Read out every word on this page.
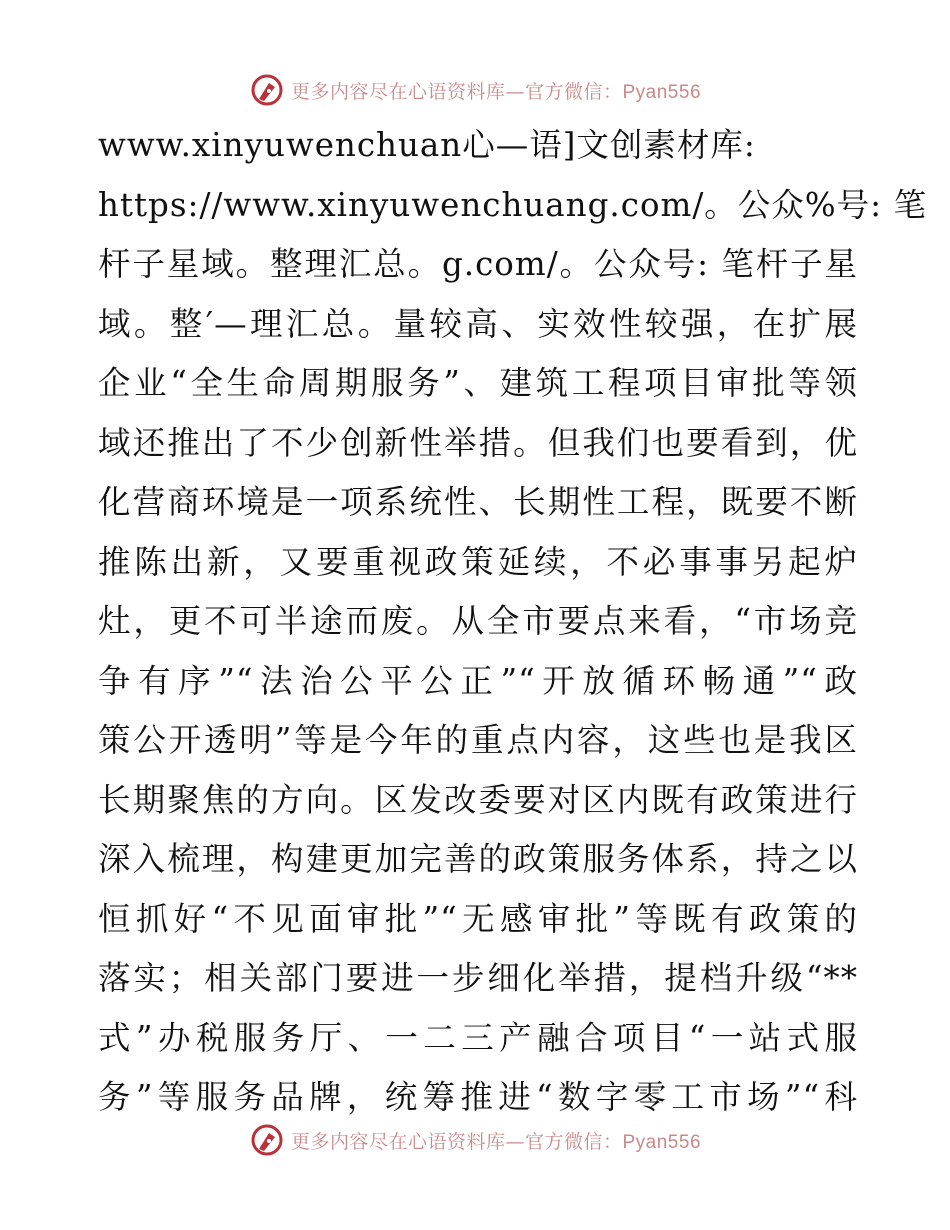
更多内容尽在心语资料库—官方微信：Pyan556
www.xinyuwenchuan心—语]文创素材库:
https://www.xinyuwenchuang.com/。公众%号: 笔
杆子星域。整理汇总。g.com/。公众号: 笔杆子星
域。整′—理汇总。量较高、实效性较强，在扩展
企业“全生命周期服务”、建筑工程项目审批等领
域还推出了不少创新性举措。但我们也要看到，优
化营商环境是一项系统性、长期性工程，既要不断
推陈出新，又要重视政策延续，不必事事另起炉
灶，更不可半途而废。从全市要点来看，“市场竞
争有序”“法治公平公正”“开放循环畅通”“政
策公开透明”等是今年的重点内容，这些也是我区
长期聚焦的方向。区发改委要对区内既有政策进行
深入梳理，构建更加完善的政策服务体系，持之以
恒抓好“不见面审批”“无感审批”等既有政策的
落实；相关部门要进一步细化举措，提档升级“**
式”办税服务厅、一二三产融合项目“一站式服
务”等服务品牌，统筹推进“数字零工市场”“科
更多内容尽在心语资料库—官方微信：Pyan556
